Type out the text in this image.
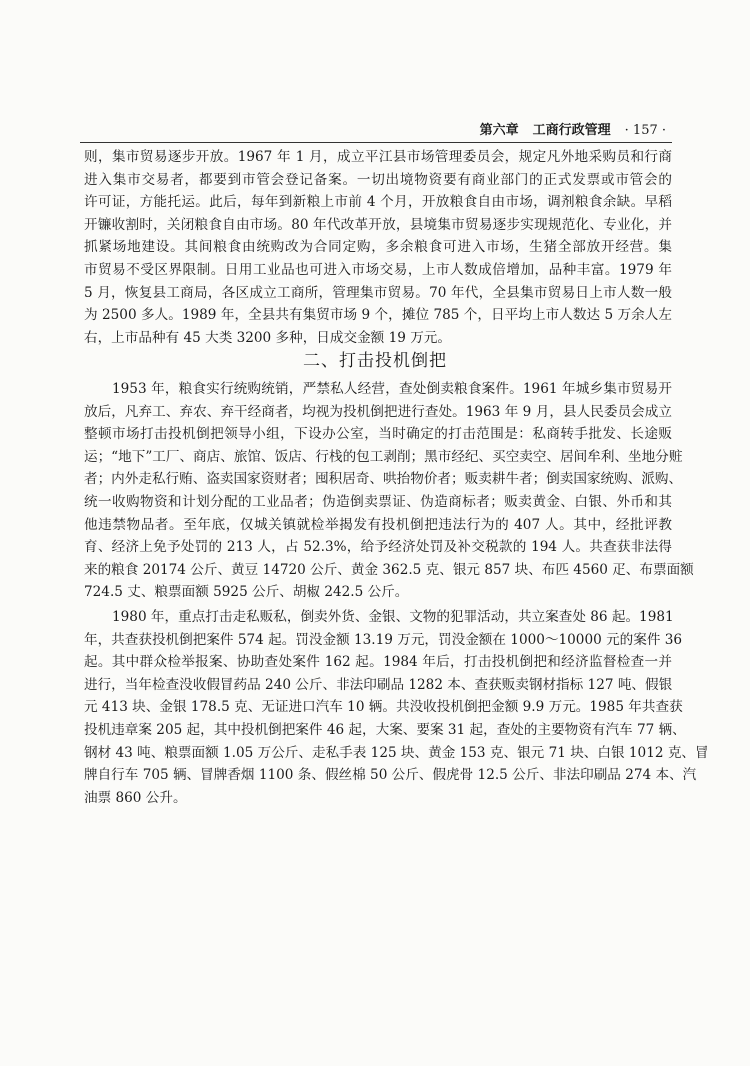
第六章 工商行政管理 · 157 ·
则，集市贸易逐步开放。1967 年 1 月，成立平江县市场管理委员会，规定凡外地采购员和行商
进入集市交易者，都要到市管会登记备案。一切出境物资要有商业部门的正式发票或市管会的
许可证，方能托运。此后，每年到新粮上市前 4 个月，开放粮食自由市场，调剂粮食余缺。早稻
开镰收割时，关闭粮食自由市场。80 年代改革开放，县境集市贸易逐步实现规范化、专业化，并
抓紧场地建设。其间粮食由统购改为合同定购，多余粮食可进入市场，生猪全部放开经营。集
市贸易不受区界限制。日用工业品也可进入市场交易，上市人数成倍增加，品种丰富。1979 年
5 月，恢复县工商局，各区成立工商所，管理集市贸易。70 年代，全县集市贸易日上市人数一般
为 2500 多人。1989 年，全县共有集贸市场 9 个，摊位 785 个，日平均上市人数达 5 万余人左
右，上市品种有 45 大类 3200 多种，日成交金额 19 万元。
二、打击投机倒把
1953 年，粮食实行统购统销，严禁私人经营，查处倒卖粮食案件。1961 年城乡集市贸易开
放后，凡弃工、弃农、弃干经商者，均视为投机倒把进行查处。1963 年 9 月，县人民委员会成立
整顿市场打击投机倒把领导小组，下设办公室，当时确定的打击范围是：私商转手批发、长途贩
运；“地下”工厂、商店、旅馆、饭店、行栈的包工剥削；黑市经纪、买空卖空、居间牟利、坐地分赃
者；内外走私行贿、盗卖国家资财者；囤积居奇、哄抬物价者；贩卖耕牛者；倒卖国家统购、派购、
统一收购物资和计划分配的工业品者；伪造倒卖票证、伪造商标者；贩卖黄金、白银、外币和其
他违禁物品者。至年底，仅城关镇就检举揭发有投机倒把违法行为的 407 人。其中，经批评教
育、经济上免予处罚的 213 人，占 52.3%，给予经济处罚及补交税款的 194 人。共查获非法得
来的粮食 20174 公斤、黄豆 14720 公斤、黄金 362.5 克、银元 857 块、布匹 4560 疋、布票面额
724.5 丈、粮票面额 5925 公斤、胡椒 242.5 公斤。
1980 年，重点打击走私贩私，倒卖外货、金银、文物的犯罪活动，共立案查处 86 起。1981
年，共查获投机倒把案件 574 起。罚没金额 13.19 万元，罚没金额在 1000～10000 元的案件 36
起。其中群众检举报案、协助查处案件 162 起。1984 年后，打击投机倒把和经济监督检查一并
进行，当年检查没收假冒药品 240 公斤、非法印刷品 1282 本、查获贩卖钢材指标 127 吨、假银
元 413 块、金银 178.5 克、无证进口汽车 10 辆。共没收投机倒把金额 9.9 万元。1985 年共查获
投机违章案 205 起，其中投机倒把案件 46 起，大案、要案 31 起，查处的主要物资有汽车 77 辆、
钢材 43 吨、粮票面额 1.05 万公斤、走私手表 125 块、黄金 153 克、银元 71 块、白银 1012 克、冒
牌自行车 705 辆、冒牌香烟 1100 条、假丝棉 50 公斤、假虎骨 12.5 公斤、非法印刷品 274 本、汽
油票 860 公升。
